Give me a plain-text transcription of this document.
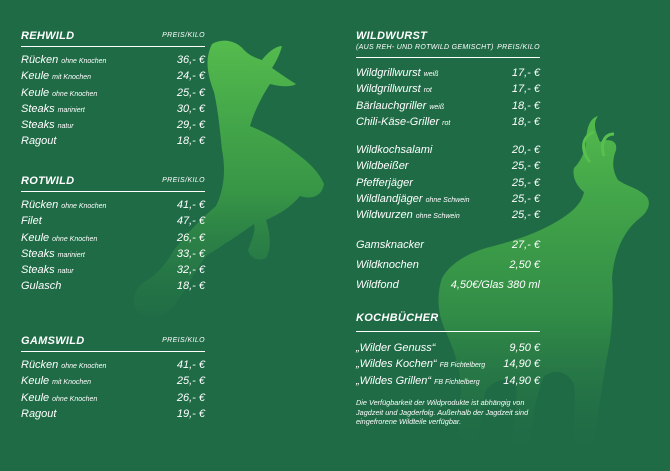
REHWILD	PREIS/KILO
Rücken ohne Knochen	36,- €
Keule mit Knochen	24,- €
Keule ohne Knochen	25,- €
Steaks mariniert	30,- €
Steaks natur	29,- €
Ragout	18,- €
ROTWILD	PREIS/KILO
Rücken ohne Knochen	41,- €
Filet	47,- €
Keule ohne Knochen	26,- €
Steaks mariniert	33,- €
Steaks natur	32,- €
Gulasch	18,- €
GAMSWILD	PREIS/KILO
Rücken ohne Knochen	41,- €
Keule mit Knochen	25,- €
Keule ohne Knochen	26,- €
Ragout	19,- €
WILDWURST
(AUS REH- UND ROTWILD GEMISCHT) PREIS/KILO
Wildgrillwurst weiß	17,- €
Wildgrillwurst rot	17,- €
Bärlauchgriller weiß	18,- €
Chili-Käse-Griller rot	18,- €
Wildkochsalami	20,- €
Wildbeißer	25,- €
Pfefferjäger	25,- €
Wildlandjäger ohne Schwein	25,- €
Wildwurzen ohne Schwein	25,- €
Gamsknacker	27,- €
Wildknochen	2,50 €
Wildfond	4,50€/Glas 380 ml
KOCHBÜCHER
„Wilder Genuss“	9,50 €
„Wildes Kochen“ FB Fichtelberg 14,90 €
„Wildes Grillen“ FB Fichtelberg 14,90 €
Die Verfügbarkeit der Wildprodukte ist abhängig von Jagdzeit und Jagderfolg. Außerhalb der Jagdzeit sind eingefrorene Wildteile verfügbar.
